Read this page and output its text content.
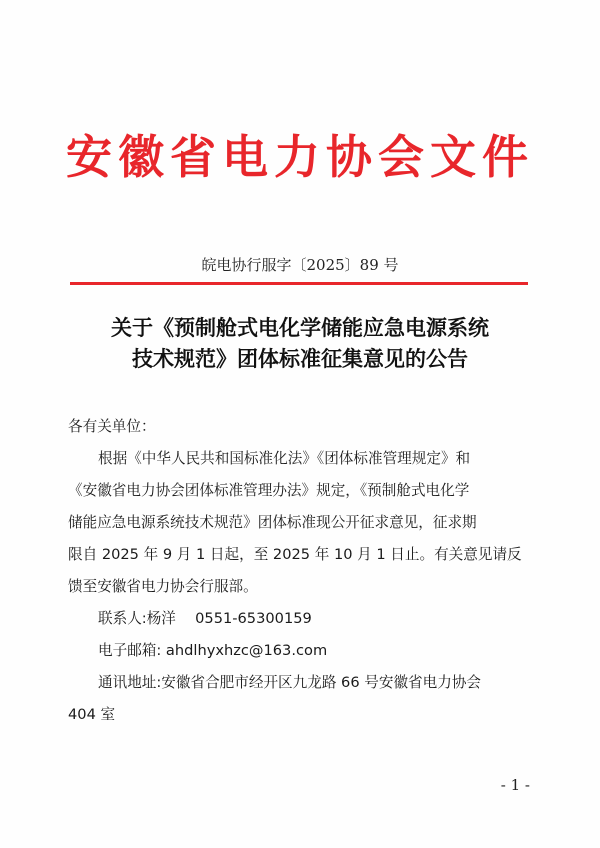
安徽省电力协会文件
皖电协行服字〔2025〕89 号
关于《预制舱式电化学储能应急电源系统
技术规范》团体标准征集意见的公告
各有关单位：
根据《中华人民共和国标准化法》《团体标准管理规定》和
《安徽省电力协会团体标准管理办法》规定，《预制舱式电化学
储能应急电源系统技术规范》团体标准现公开征求意见，征求期
限自 2025 年 9 月 1 日起，至 2025 年 10 月 1 日止。有关意见请反
馈至安徽省电力协会行服部。
联系人:杨洋　 0551-65300159
电子邮箱: ahdlhyxhzc@163.com
通讯地址:安徽省合肥市经开区九龙路 66 号安徽省电力协会
404 室
- 1 -
